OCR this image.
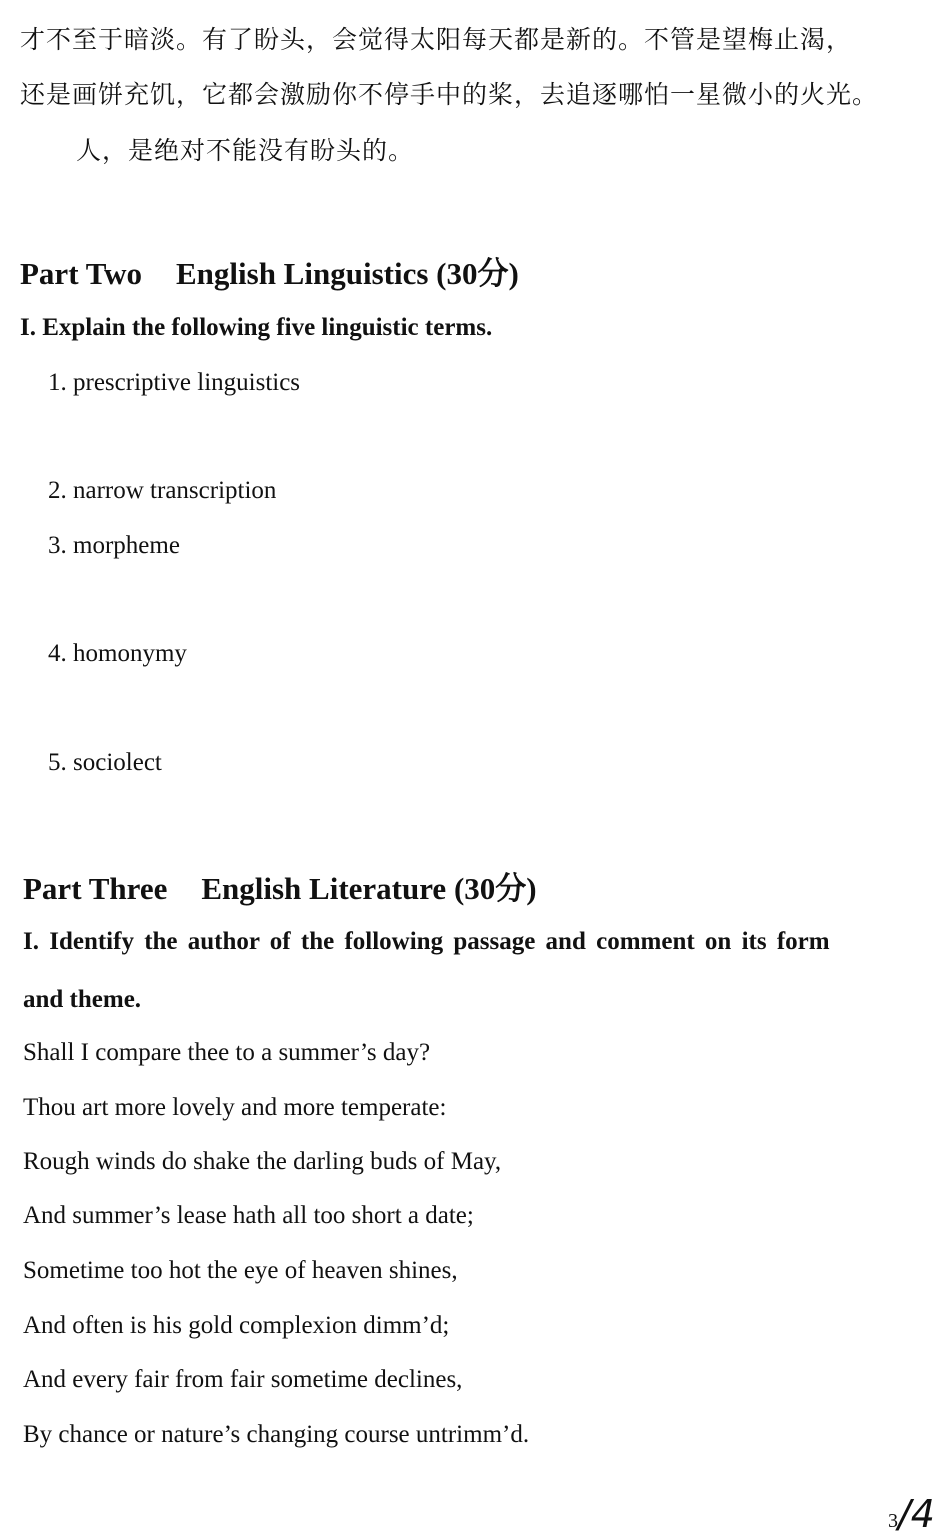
才不至于暗淡。有了盼头，会觉得太阳每天都是新的。不管是望梅止渴，
还是画饼充饥，它都会激励你不停手中的桨，去追逐哪怕一星微小的火光。
人，是绝对不能没有盼头的。
Part Two English Linguistics (30分)
I. Explain the following five linguistic terms.
1. prescriptive linguistics
2. narrow transcription
3. morpheme
4. homonymy
5. sociolect
Part Three English Literature (30分)
I. Identify the author of the following passage and comment on its form
and theme.
Shall I compare thee to a summer’s day?
Thou art more lovely and more temperate:
Rough winds do shake the darling buds of May,
And summer’s lease hath all too short a date;
Sometime too hot the eye of heaven shines,
And often is his gold complexion dimm’d;
And every fair from fair sometime declines,
By chance or nature’s changing course untrimm’d.
3/4
